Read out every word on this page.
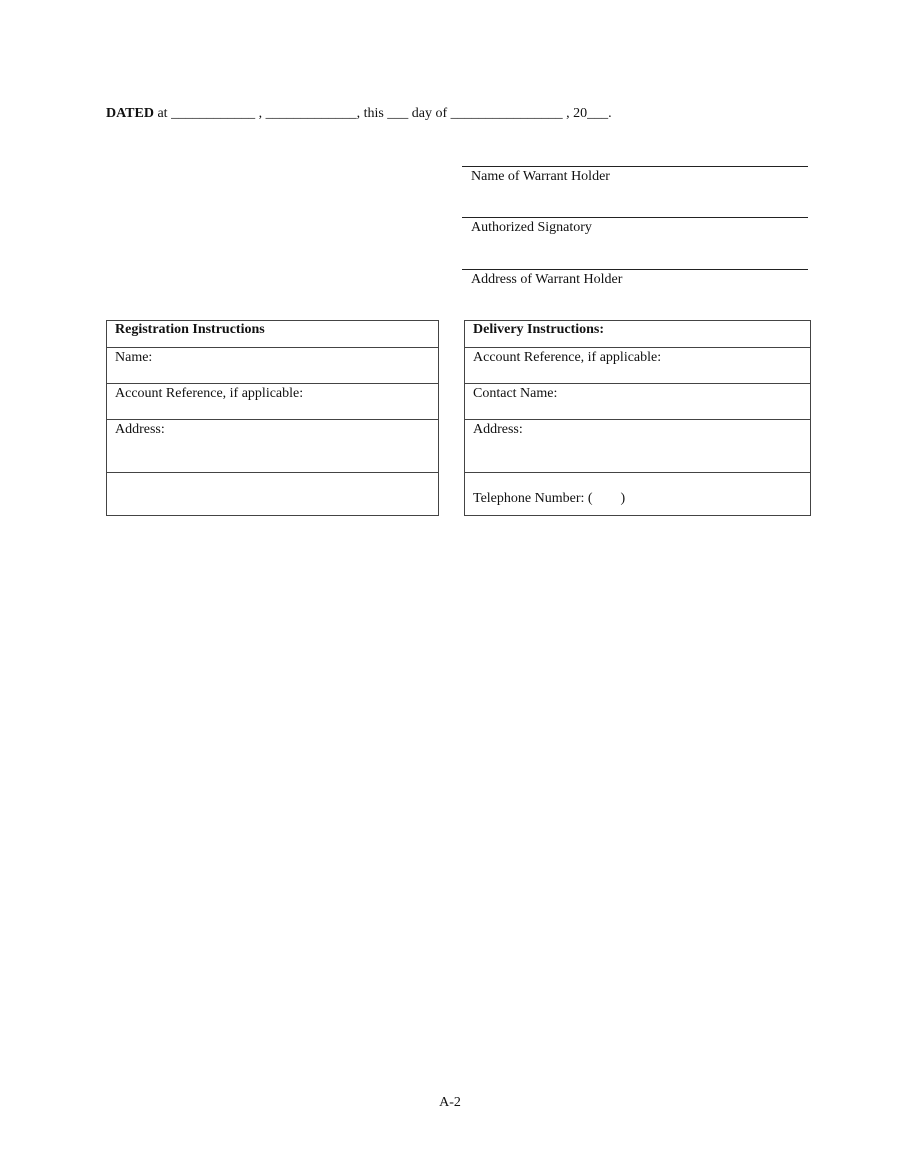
DATED at ____________ , _____________, this ___ day of ________________ , 20___.
Name of Warrant Holder
Authorized Signatory
Address of Warrant Holder
Registration Instructions
Name:
Account Reference, if applicable:
Address:

Delivery Instructions:
Account Reference, if applicable:
Contact Name:
Address:
Telephone Number: (        )
A-2
